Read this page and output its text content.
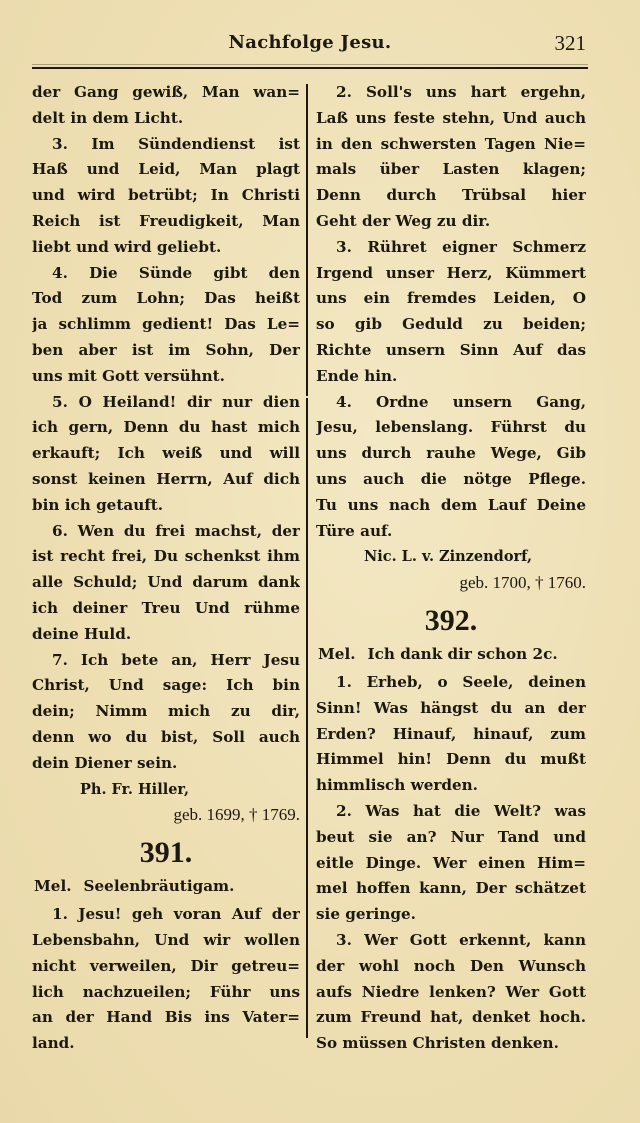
Nachfolge Jesu.	321
der Gang gewiß, Man wan=
delt in dem Licht.
3. Im Sündendienst ist
Haß und Leid, Man plagt
und wird betrübt; In Christi
Reich ist Freudigkeit, Man
liebt und wird geliebt.
4. Die Sünde gibt den
Tod zum Lohn; Das heißt
ja schlimm gedient! Das Le=
ben aber ist im Sohn, Der
uns mit Gott versühnt.
5. O Heiland! dir nur dien
ich gern, Denn du hast mich
erkauft; Ich weiß und will
sonst keinen Herrn, Auf dich
bin ich getauft.
6. Wen du frei machst, der
ist recht frei, Du schenkst ihm
alle Schuld; Und darum dank
ich deiner Treu Und rühme
deine Huld.
7. Ich bete an, Herr Jesu
Christ, Und sage: Ich bin
dein; Nimm mich zu dir,
denn wo du bist, Soll auch
dein Diener sein.
Ph. Fr. Hiller,
geb. 1699, † 1769.
391.
Mel. Seelenbräutigam.
1. Jesu! geh voran Auf der
Lebensbahn, Und wir wollen
nicht verweilen, Dir getreu=
lich nachzueilen; Führ uns
an der Hand Bis ins Vater=
land.
2. Soll's uns hart ergehn,
Laß uns feste stehn, Und auch
in den schwersten Tagen Nie=
mals über Lasten klagen;
Denn durch Trübsal hier
Geht der Weg zu dir.
3. Rühret eigner Schmerz
Irgend unser Herz, Kümmert
uns ein fremdes Leiden, O
so gib Geduld zu beiden;
Richte unsern Sinn Auf das
Ende hin.
4. Ordne unsern Gang,
Jesu, lebenslang. Führst du
uns durch rauhe Wege, Gib
uns auch die nötge Pflege.
Tu uns nach dem Lauf Deine
Türe auf.
Nic. L. v. Zinzendorf,
geb. 1700, † 1760.
392.
Mel. Ich dank dir schon 2c.
1. Erheb, o Seele, deinen
Sinn! Was hängst du an der
Erden? Hinauf, hinauf, zum
Himmel hin! Denn du mußt
himmlisch werden.
2. Was hat die Welt? was
beut sie an? Nur Tand und
eitle Dinge. Wer einen Him=
mel hoffen kann, Der schätzet
sie geringe.
3. Wer Gott erkennt, kann
der wohl noch Den Wunsch
aufs Niedre lenken? Wer Gott
zum Freund hat, denket hoch.
So müssen Christen denken.
